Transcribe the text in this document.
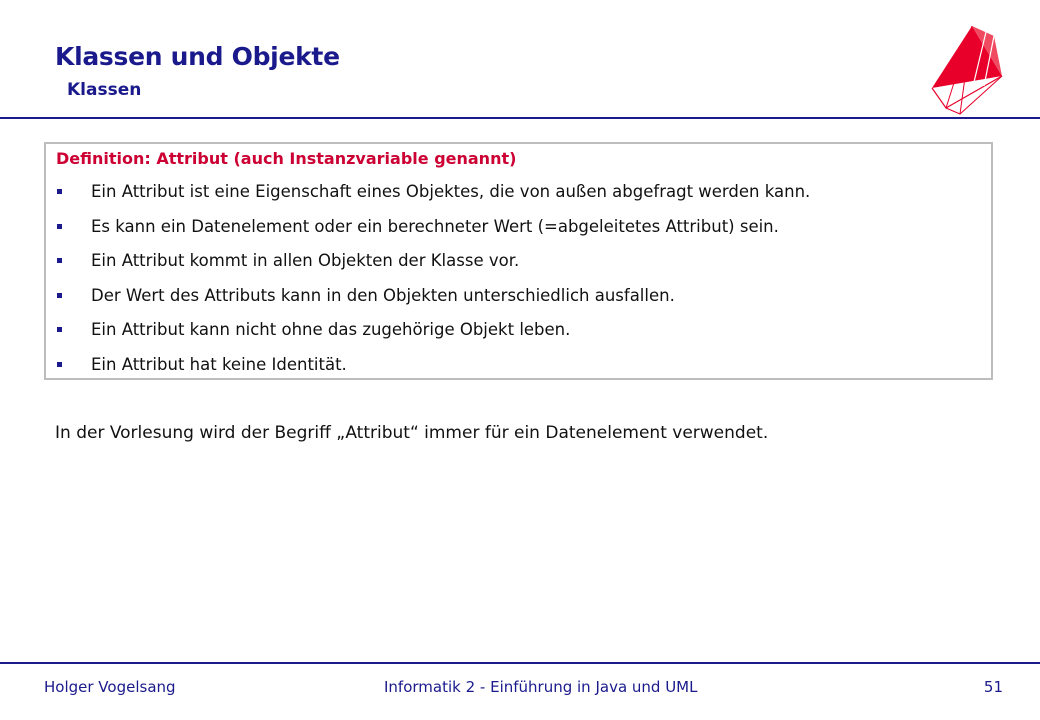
Klassen und Objekte
Klassen
Definition: Attribut (auch Instanzvariable genannt)
Ein Attribut ist eine Eigenschaft eines Objektes, die von außen abgefragt werden kann.
Es kann ein Datenelement oder ein berechneter Wert (=abgeleitetes Attribut) sein.
Ein Attribut kommt in allen Objekten der Klasse vor.
Der Wert des Attributs kann in den Objekten unterschiedlich ausfallen.
Ein Attribut kann nicht ohne das zugehörige Objekt leben.
Ein Attribut hat keine Identität.
In der Vorlesung wird der Begriff „Attribut“ immer für ein Datenelement verwendet.
Holger Vogelsang	Informatik 2 - Einführung in Java und UML	51
